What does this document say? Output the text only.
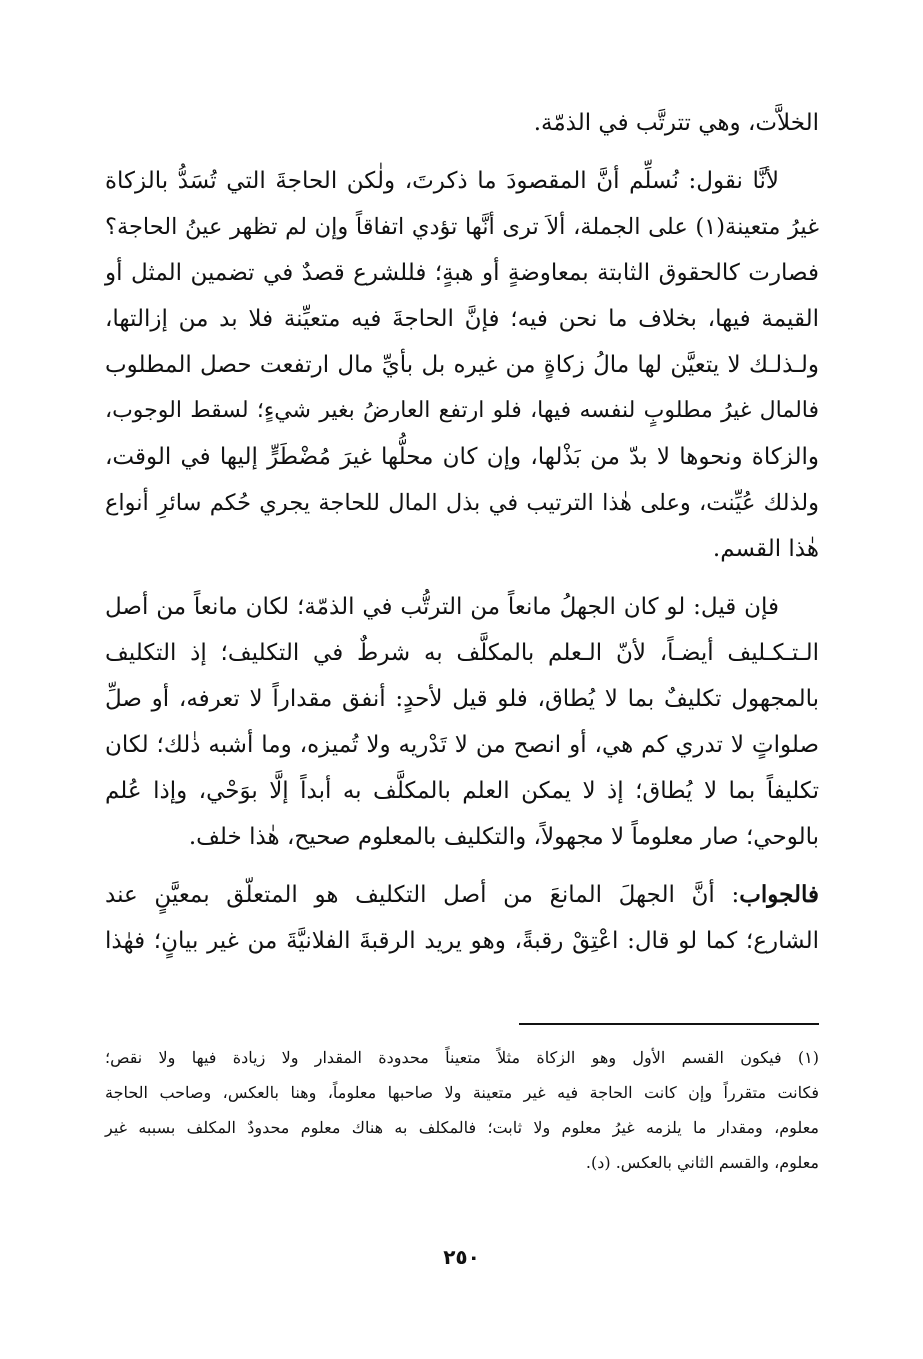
الخلاَّت، وهي تترتَّب في الذمّة.
لأنَّا نقول: نُسلِّم أنَّ المقصودَ ما ذكرتَ، ولٰكن الحاجةَ التي تُسَدُّ بالزكاة
غيرُ متعينة(١) على الجملة، ألاَ ترى أنَّها تؤدي اتفاقاً وإن لم تظهر عينُ الحاجة؟
فصارت كالحقوق الثابتة بمعاوضةٍ أو هبةٍ؛ فللشرع قصدٌ في تضمين المثل أو
القيمة فيها، بخلاف ما نحن فيه؛ فإنَّ الحاجةَ فيه متعيِّنة فلا بد من إزالتها،
ولـذلـك لا يتعيَّن لها مالُ زكاةٍ من غيره بل بأيِّ مال ارتفعت حصل المطلوب
فالمال غيرُ مطلوبٍ لنفسه فيها، فلو ارتفع العارضُ بغير شيءٍ؛ لسقط الوجوب،
والزكاة ونحوها لا بدّ من بَذْلها، وإن كان محلُّها غيرَ مُضْطَرٍّ إليها في الوقت،
ولذلك عُيِّنت، وعلى هٰذا الترتيب في بذل المال للحاجة يجري حُكم سائرِ أنواع
هٰذا القسم.
فإن قيل: لو كان الجهلُ مانعاً من الترتُّب في الذمّة؛ لكان مانعاً من أصل
الـتـكـليف أيضـاً، لأنّ الـعلم بالمكلَّف به شرطٌ في التكليف؛ إذ التكليف
بالمجهول تكليفٌ بما لا يُطاق، فلو قيل لأحدٍ: أنفق مقداراً لا تعرفه، أو صلِّ
صلواتٍ لا تدري كم هي، أو انصح من لا تَدْريه ولا تُميزه، وما أشبه ذٰلك؛ لكان
تكليفاً بما لا يُطاق؛ إذ لا يمكن العلم بالمكلَّف به أبداً إلَّا بوَحْي، وإذا عُلم
بالوحي؛ صار معلوماً لا مجهولاً، والتكليف بالمعلوم صحيح، هٰذا خلف.
فالجواب: أنَّ الجهلَ المانعَ من أصل التكليف هو المتعلّق بمعيَّنٍ عند
الشارع؛ كما لو قال: اعْتِقْ رقبةً، وهو يريد الرقبةَ الفلانيَّةَ من غير بيانٍ؛ فهٰذا
(١) فيكون القسم الأول وهو الزكاة مثلاً متعيناً محدودة المقدار ولا زيادة فيها ولا نقص؛
فكانت متقرراً وإن كانت الحاجة فيه غير متعينة ولا صاحبها معلوماً، وهنا بالعكس، وصاحب الحاجة
معلوم، ومقدار ما يلزمه غيرُ معلوم ولا ثابت؛ فالمكلف به هناك معلوم محدودٌ المكلف بسببه غير
معلوم، والقسم الثاني بالعكس. (د).
٢٥٠
